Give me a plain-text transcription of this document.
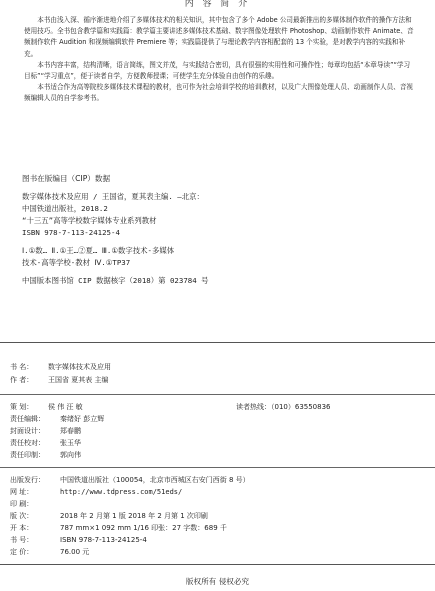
内 容 简 介

本书由浅入深、循序渐进地介绍了多媒体技术的相关知识，其中包含了多个 Adobe 公司最新推出的多媒体制作软件的操作方法和使用技巧。全书包含教学篇和实践篇：教学篇主要讲述多媒体技术基础、数字图像处理软件 Photoshop、动画制作软件 Animate、音频制作软件 Audition 和视频编辑软件 Premiere 等；实践篇提供了与理论教学内容相配套的 13 个实验，是对教学内容的实践和补充。

本书内容丰富，结构清晰，语言简练，图文并茂，与实践结合密切，具有很强的实用性和可操作性；每章均包括“本章导读”“学习目标”“学习重点”，便于读者自学，方便教师授课；可使学生充分体验自由创作的乐趣。

本书适合作为高等院校多媒体技术课程的教材，也可作为社会培训学校的培训教材，以及广大图像处理人员、动画制作人员、音视频编辑人员的自学参考书。

图书在版编目（CIP）数据
数字媒体技术及应用 / 王国省，夏其表主编. —北京：
中国铁道出版社，2018.2
“十三五”高等学校数字媒体专业系列教材
ISBN 978-7-113-24125-4
Ⅰ.①数… Ⅱ.①王…②夏… Ⅲ.①数字技术-多媒体
技术-高等学校-教材 Ⅳ.①TP37
中国版本图书馆 CIP 数据核字（2018）第 023784 号
书 名： 数字媒体技术及应用
作 者： 王国省 夏其表 主编
策 划： 侯 伟 汪 敏	读者热线：（010）63550836
责任编辑： 秦绪好 彭立辉
封面设计： 郑春鹏
责任校对： 张玉华
责任印制： 郭向伟
出版发行： 中国铁道出版社（100054，北京市西城区右安门西街 8 号）
网 址：	http://www.tdpress.com/51eds/
印 刷：
版 次：	2018 年 2 月第 1 版 2018 年 2 月第 1 次印刷
开 本：	787 mm×1 092 mm 1/16 印张：27 字数：689 千
书 号：	ISBN 978-7-113-24125-4
定 价：	76.00 元
版权所有 侵权必究
